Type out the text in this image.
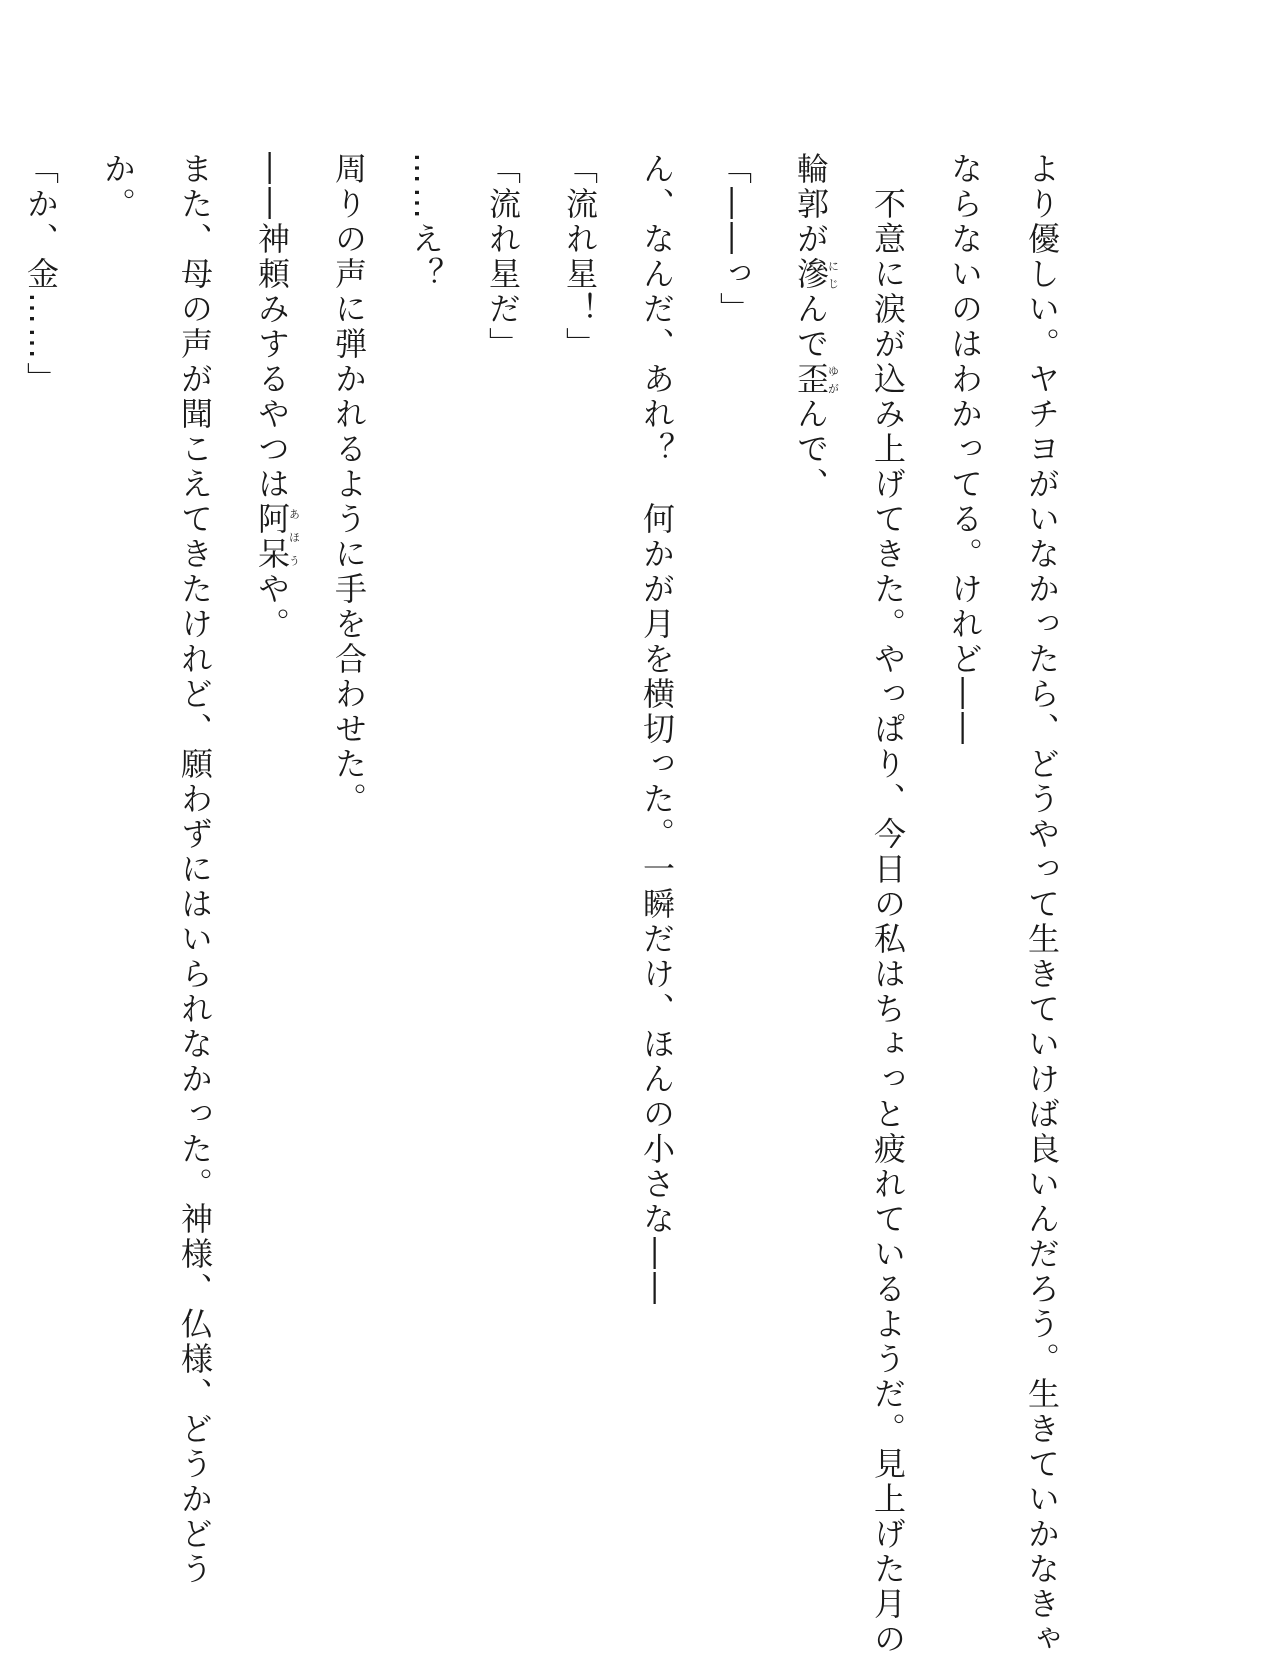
より優しい。ヤチヨがいなかったら、どうやって生きていけば良いんだろう。生きていかなきゃ
ならないのはわかってる。けれど――
　不意に涙が込み上げてきた。やっぱり、今日の私はちょっと疲れているようだ。見上げた月の
輪郭が滲にじんで歪ゆがんで、
「――っ」
ん、なんだ、あれ？　何かが月を横切った。一瞬だけ、ほんの小さな――
「流れ星！」
「流れ星だ」
……え？
周りの声に弾かれるように手を合わせた。
――神頼みするやつは阿呆あほうや。
また、母の声が聞こえてきたけれど、願わずにはいられなかった。神様、仏様、どうかどう
か。
「か、金……」
